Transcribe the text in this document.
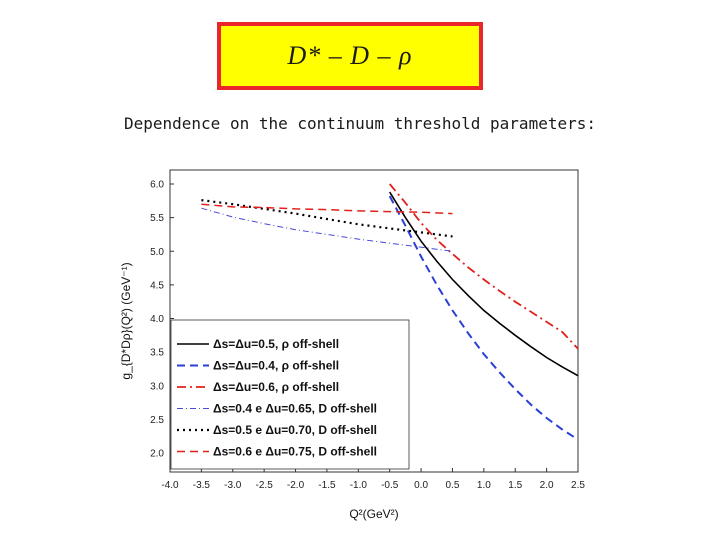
D* – D – ρ
Dependence on the continuum threshold parameters:
-4.0 -3.5 -3.0 -2.5 -2.0 -1.5 -1.0 -0.5 0.0 0.5 1.0 1.5 2.0 2.5
2.0
2.5
3.0
3.5
4.0
4.5
5.0
5.5
6.0
Q²(GeV²)
g_{D*Dρ}(Q²) (GeV⁻¹)	Δs=Δu=0.5, ρ off-shell
Δs=Δu=0.4, ρ off-shell
Δs=Δu=0.6, ρ off-shell
Δs=0.4 e Δu=0.65, D off-shell
Δs=0.5 e Δu=0.70, D off-shell
Δs=0.6 e Δu=0.75, D off-shell
